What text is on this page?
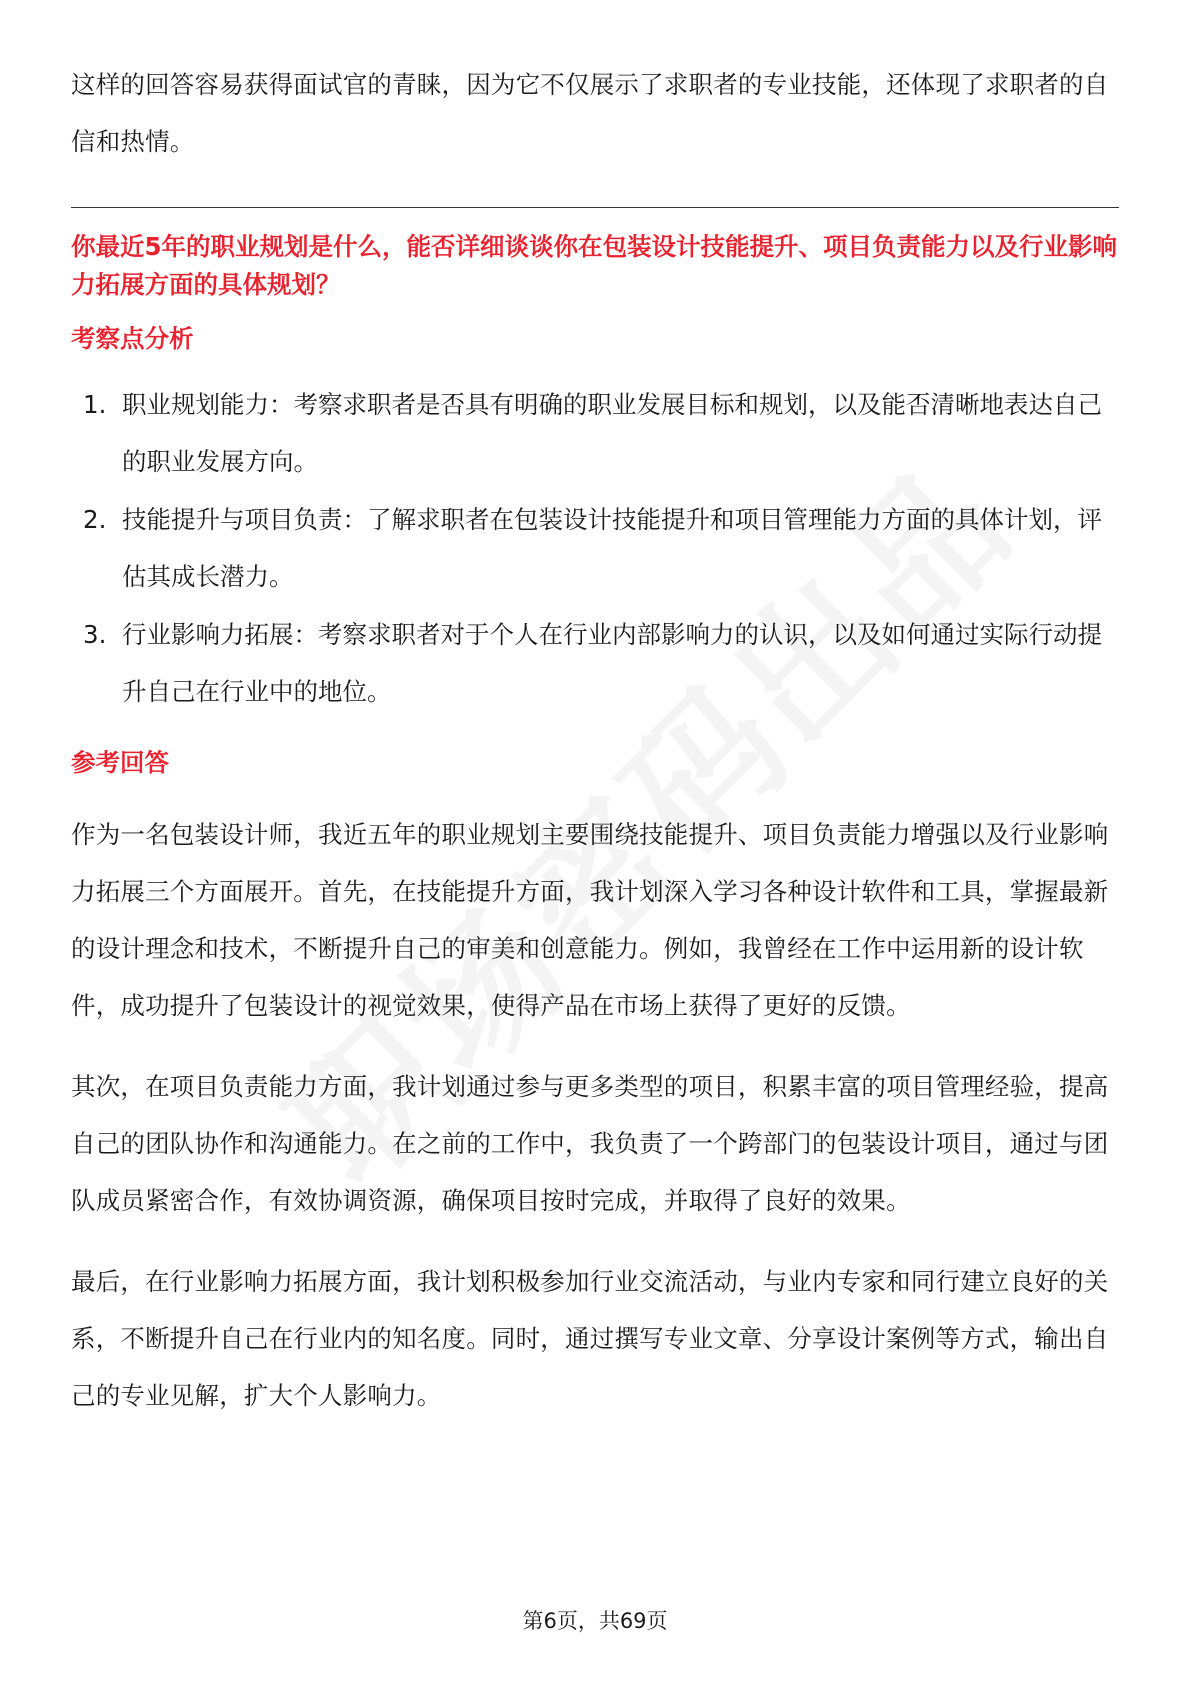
这样的回答容易获得面试官的青睐，因为它不仅展示了求职者的专业技能，还体现了求职者的自信和热情。

你最近5年的职业规划是什么，能否详细谈谈你在包装设计技能提升、项目负责能力以及行业影响力拓展方面的具体规划？

考察点分析

1. 职业规划能力：考察求职者是否具有明确的职业发展目标和规划，以及能否清晰地表达自己的职业发展方向。
2. 技能提升与项目负责：了解求职者在包装设计技能提升和项目管理能力方面的具体计划，评估其成长潜力。
3. 行业影响力拓展：考察求职者对于个人在行业内部影响力的认识，以及如何通过实际行动提升自己在行业中的地位。

参考回答

作为一名包装设计师，我近五年的职业规划主要围绕技能提升、项目负责能力增强以及行业影响力拓展三个方面展开。首先，在技能提升方面，我计划深入学习各种设计软件和工具，掌握最新的设计理念和技术，不断提升自己的审美和创意能力。例如，我曾经在工作中运用新的设计软件，成功提升了包装设计的视觉效果，使得产品在市场上获得了更好的反馈。

其次，在项目负责能力方面，我计划通过参与更多类型的项目，积累丰富的项目管理经验，提高自己的团队协作和沟通能力。在之前的工作中，我负责了一个跨部门的包装设计项目，通过与团队成员紧密合作，有效协调资源，确保项目按时完成，并取得了良好的效果。

最后，在行业影响力拓展方面，我计划积极参加行业交流活动，与业内专家和同行建立良好的关系，不断提升自己在行业内的知名度。同时，通过撰写专业文章、分享设计案例等方式，输出自己的专业见解，扩大个人影响力。

第6页，共69页
